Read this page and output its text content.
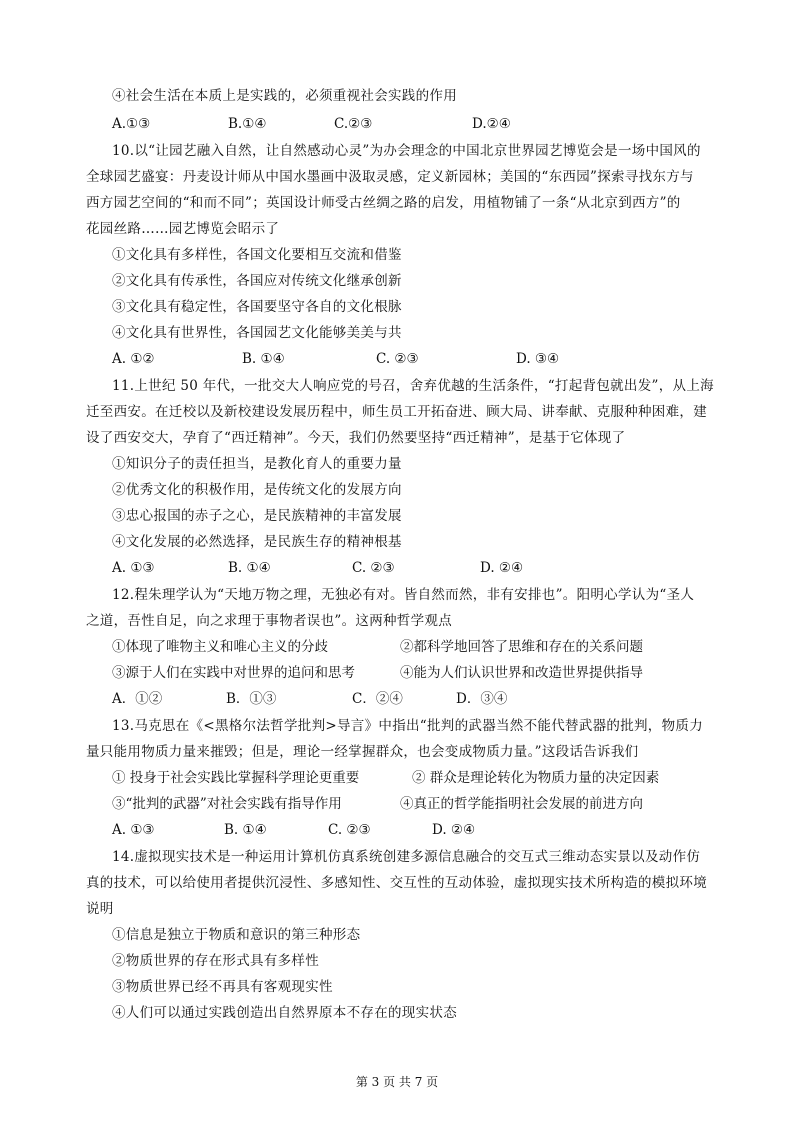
④社会生活在本质上是实践的，必须重视社会实践的作用
A.①③	B.①④	C.②③	D.②④
10.以“让园艺融入自然，让自然感动心灵”为办会理念的中国北京世界园艺博览会是一场中国风的
全球园艺盛宴：丹麦设计师从中国水墨画中汲取灵感，定义新园林；美国的“东西园”探索寻找东方与
西方园艺空间的“和而不同”；英国设计师受古丝绸之路的启发，用植物铺了一条“从北京到西方”的
花园丝路……园艺博览会昭示了
①文化具有多样性，各国文化要相互交流和借鉴
②文化具有传承性，各国应对传统文化继承创新
③文化具有稳定性，各国要坚守各自的文化根脉
④文化具有世界性，各国园艺文化能够美美与共
A. ①②	B. ①④	C. ②③	D. ③④
11.上世纪 50 年代，一批交大人响应党的号召，舍弃优越的生活条件，“打起背包就出发”，从上海
迁至西安。在迁校以及新校建设发展历程中，师生员工开拓奋进、顾大局、讲奉献、克服种种困难，建
设了西安交大，孕育了“西迁精神”。今天，我们仍然要坚持“西迁精神”，是基于它体现了
①知识分子的责任担当，是教化育人的重要力量
②优秀文化的积极作用，是传统文化的发展方向
③忠心报国的赤子之心，是民族精神的丰富发展
④文化发展的必然选择，是民族生存的精神根基
A. ①③	B. ①④	C. ②③	D. ②④
12.程朱理学认为“天地万物之理，无独必有对。皆自然而然，非有安排也”。阳明心学认为“圣人
之道，吾性自足，向之求理于事物者误也”。这两种哲学观点
①体现了唯物主义和唯心主义的分歧	②都科学地回答了思维和存在的关系问题
③源于人们在实践中对世界的追问和思考	④能为人们认识世界和改造世界提供指导
A．①②	B．①③	C．②④	D．③④
13.马克思在《<黑格尔法哲学批判>导言》中指出“批判的武器当然不能代替武器的批判，物质力
量只能用物质力量来摧毁；但是，理论一经掌握群众，也会变成物质力量。”这段话告诉我们
① 投身于社会实践比掌握科学理论更重要	② 群众是理论转化为物质力量的决定因素
③“批判的武器”对社会实践有指导作用	④真正的哲学能指明社会发展的前进方向
A. ①③	B. ①④	C. ②③	D. ②④
14.虚拟现实技术是一种运用计算机仿真系统创建多源信息融合的交互式三维动态实景以及动作仿
真的技术，可以给使用者提供沉浸性、多感知性、交互性的互动体验，虚拟现实技术所构造的模拟环境
说明
①信息是独立于物质和意识的第三种形态
②物质世界的存在形式具有多样性
③物质世界已经不再具有客观现实性
④人们可以通过实践创造出自然界原本不存在的现实状态
第 3 页 共 7 页
